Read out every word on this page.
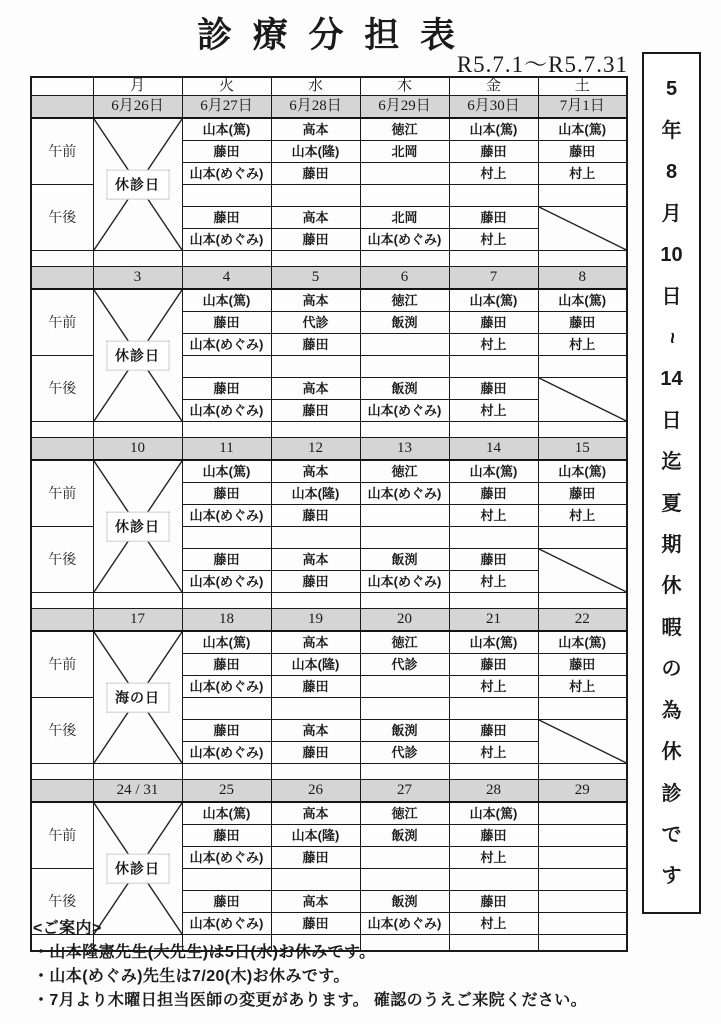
診 療 分 担 表
R5.7.1〜R5.7.31
	月	火	水	木	金	土
	6月26日	6月27日	6月28日	6月29日	6月30日	7月1日
午前	休診日	山本(篤)	高本	徳江	山本(篤)	山本(篤)
		藤田	山本(隆)	北岡	藤田	藤田
		山本(めぐみ)	藤田		村上	村上
午後						
		藤田	高本	北岡	藤田	

		山本(めぐみ)	藤田	山本(めぐみ)	村上	

	3	4	5	6	7	8
午前	休診日	山本(篤)	高本	徳江	山本(篤)	山本(篤)
		藤田	代診	飯渕	藤田	藤田
		山本(めぐみ)	藤田		村上	村上
午後						
		藤田	高本	飯渕	藤田	

		山本(めぐみ)	藤田	山本(めぐみ)	村上	

	10	11	12	13	14	15
午前	休診日	山本(篤)	高本	徳江	山本(篤)	山本(篤)
		藤田	山本(隆)	山本(めぐみ)	藤田	藤田
		山本(めぐみ)	藤田		村上	村上
午後						
		藤田	高本	飯渕	藤田	

		山本(めぐみ)	藤田	山本(めぐみ)	村上	

	17	18	19	20	21	22
午前	海の日	山本(篤)	高本	徳江	山本(篤)	山本(篤)
		藤田	山本(隆)	代診	藤田	藤田
		山本(めぐみ)	藤田		村上	村上
午後						
		藤田	高本	飯渕	藤田	

		山本(めぐみ)	藤田	代診	村上	

	24 / 31	25	26	27	28	29
午前	休診日	山本(篤)	高本	徳江	山本(篤)	
		藤田	山本(隆)	飯渕	藤田	
		山本(めぐみ)	藤田		村上	
午後						
		藤田	高本	飯渕	藤田	
		山本(めぐみ)	藤田	山本(めぐみ)	村上	

5
年
8
月
10
日
~
14
日
迄
夏
期
休
暇
の
為
休
診
で
す
<ご案内>
・山本隆憲先生(大先生)は5日(水)お休みです。
・山本(めぐみ)先生は7/20(木)お休みです。
・7月より木曜日担当医師の変更があります。 確認のうえご来院ください。
